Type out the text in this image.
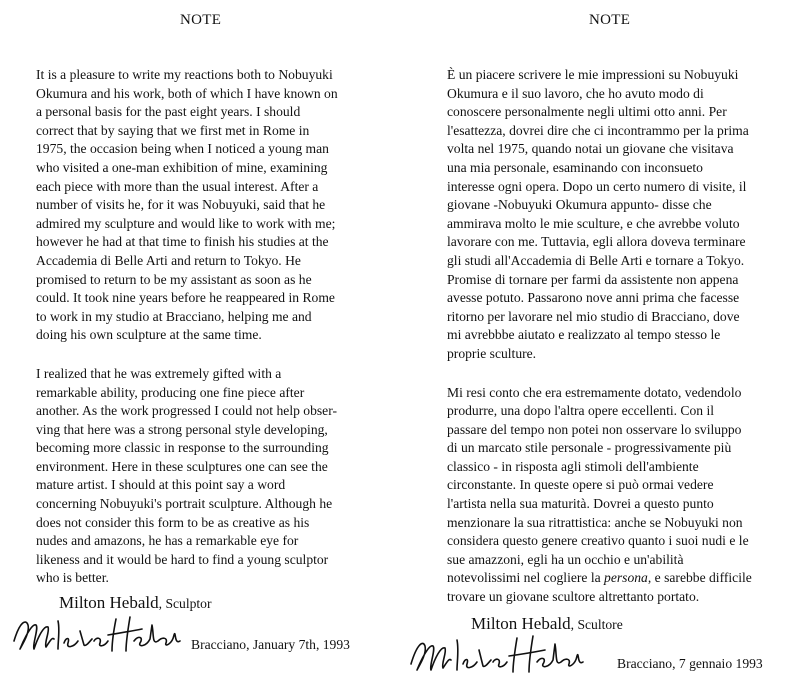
NOTE

It is a pleasure to write my reactions both to Nobuyuki
Okumura and his work, both of which I have known on
a personal basis for the past eight years. I should
correct that by saying that we first met in Rome in
1975, the occasion being when I noticed a young man
who visited a one-man exhibition of mine, examining
each piece with more than the usual interest. After a
number of visits he, for it was Nobuyuki, said that he
admired my sculpture and would like to work with me;
however he had at that time to finish his studies at the
Accademia di Belle Arti and return to Tokyo. He
promised to return to be my assistant as soon as he
could. It took nine years before he reappeared in Rome
to work in my studio at Bracciano, helping me and
doing his own sculpture at the same time.

I realized that he was extremely gifted with a
remarkable ability, producing one fine piece after
another. As the work progressed I could not help obser-
ving that here was a strong personal style developing,
becoming more classic in response to the surrounding
environment. Here in these sculptures one can see the
mature artist. I should at this point say a word
concerning Nobuyuki's portrait sculpture. Although he
does not consider this form to be as creative as his
nudes and amazons, he has a remarkable eye for
likeness and it would be hard to find a young sculptor
who is better.

Milton Hebald, Sculptor
Bracciano, January 7th, 1993
NOTE

È un piacere scrivere le mie impressioni su Nobuyuki
Okumura e il suo lavoro, che ho avuto modo di
conoscere personalmente negli ultimi otto anni. Per
l'esattezza, dovrei dire che ci incontrammo per la prima
volta nel 1975, quando notai un giovane che visitava
una mia personale, esaminando con inconsueto
interesse ogni opera. Dopo un certo numero di visite, il
giovane -Nobuyuki Okumura appunto- disse che
ammirava molto le mie sculture, e che avrebbe voluto
lavorare con me. Tuttavia, egli allora doveva terminare
gli studi all'Accademia di Belle Arti e tornare a Tokyo.
Promise di tornare per farmi da assistente non appena
avesse potuto. Passarono nove anni prima che facesse
ritorno per lavorare nel mio studio di Bracciano, dove
mi avrebbbe aiutato e realizzato al tempo stesso le
proprie sculture.

Mi resi conto che era estremamente dotato, vedendolo
produrre, una dopo l'altra opere eccellenti. Con il
passare del tempo non potei non osservare lo sviluppo
di un marcato stile personale - progressivamente più
classico - in risposta agli stimoli dell'ambiente
circonstante. In queste opere si può ormai vedere
l'artista nella sua maturità. Dovrei a questo punto
menzionare la sua ritrattistica: anche se Nobuyuki non
considera questo genere creativo quanto i suoi nudi e le
sue amazzoni, egli ha un occhio e un'abilità
notevolissimi nel cogliere la persona, e sarebbe difficile
trovare un giovane scultore altrettanto portato.

Milton Hebald, Scultore
Bracciano, 7 gennaio 1993
